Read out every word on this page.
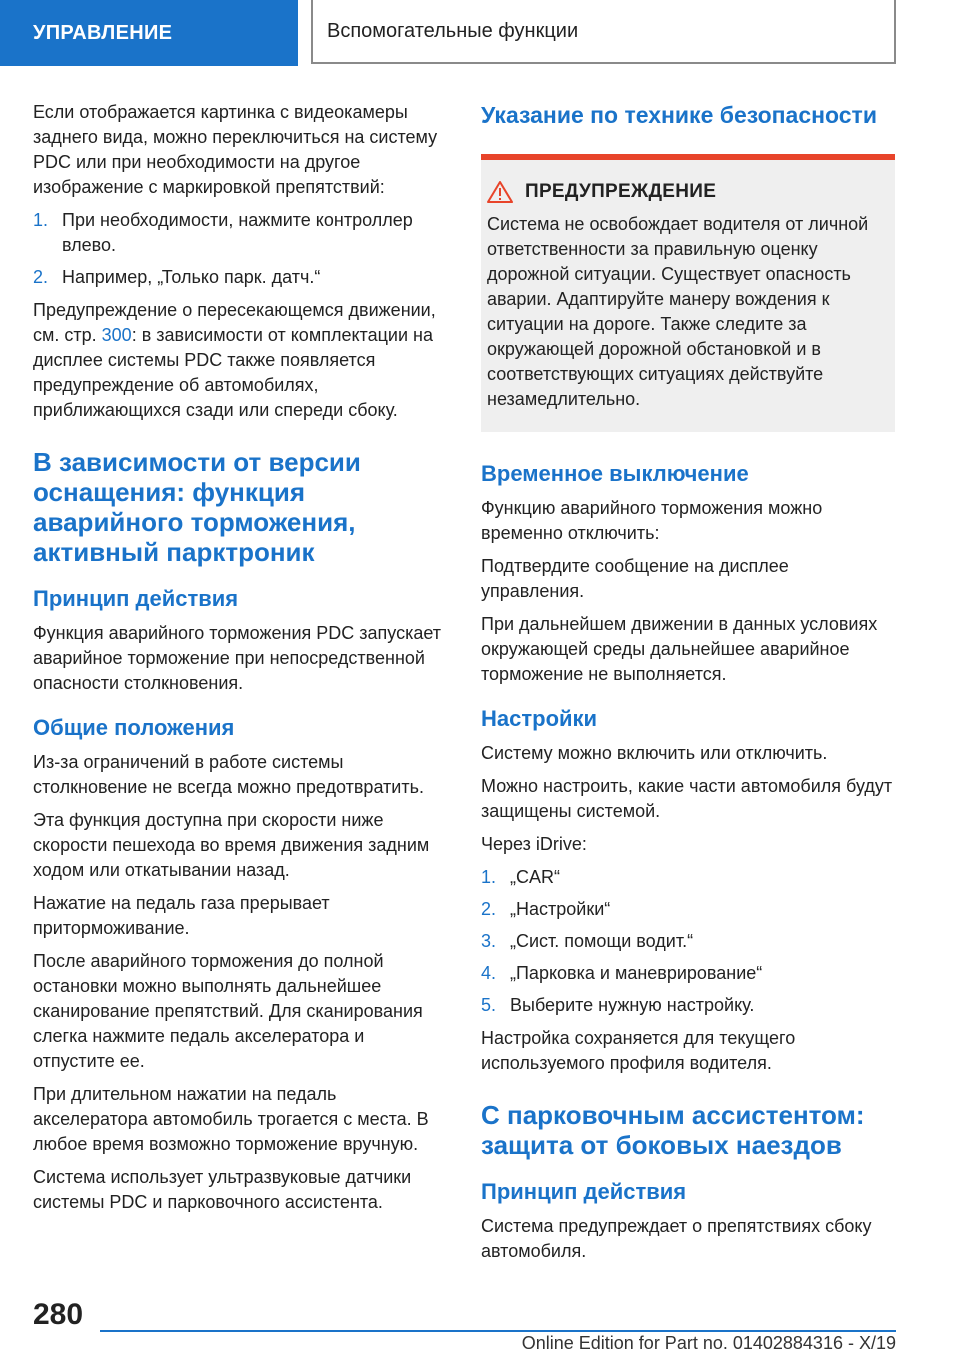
УПРАВЛЕНИЕ	Вспомогательные функции

Если отображается картинка с видеокамеры заднего вида, можно переключиться на систему PDC или при необходимости на другое изображение с маркировкой препятствий:

1. При необходимости, нажмите контроллер влево.
2. Например, „Только парк. датч.“

Предупреждение о пересекающемся движении, см. стр. 300: в зависимости от комплектации на дисплее системы PDC также появляется предупреждение об автомобилях, приближающихся сзади или спереди сбоку.

В зависимости от версии оснащения: функция аварийного торможения, активный парктроник
Принцип действия

Функция аварийного торможения PDC запускает аварийное торможение при непосредственной опасности столкновения.

Общие положения

Из-за ограничений в работе системы столкновение не всегда можно предотвратить.

Эта функция доступна при скорости ниже скорости пешехода во время движения задним ходом или откатывании назад.

Нажатие на педаль газа прерывает приторможивание.

После аварийного торможения до полной остановки можно выполнять дальнейшее сканирование препятствий. Для сканирования слегка нажмите педаль акселератора и отпустите ее.

При длительном нажатии на педаль акселератора автомобиль трогается с места. В любое время возможно торможение вручную.

Система использует ультразвуковые датчики системы PDC и парковочного ассистента.

Указание по технике безопасности
ПРЕДУПРЕЖДЕНИЕ

Система не освобождает водителя от личной ответственности за правильную оценку дорожной ситуации. Существует опасность аварии. Адаптируйте манеру вождения к ситуации на дороге. Также следите за окружающей дорожной обстановкой и в соответствующих ситуациях действуйте незамедлительно.

Временное выключение

Функцию аварийного торможения можно временно отключить:

Подтвердите сообщение на дисплее управления.

При дальнейшем движении в данных условиях окружающей среды дальнейшее аварийное торможение не выполняется.

Настройки

Систему можно включить или отключить.

Можно настроить, какие части автомобиля будут защищены системой.

Через iDrive:

1. „CAR“
2. „Настройки“
3. „Сист. помощи водит.“
4. „Парковка и маневрирование“
5. Выберите нужную настройку.

Настройка сохраняется для текущего используемого профиля водителя.

С парковочным ассистентом: защита от боковых наездов
Принцип действия

Система предупреждает о препятствиях сбоку автомобиля.

280
Online Edition for Part no. 01402884316 - X/19
